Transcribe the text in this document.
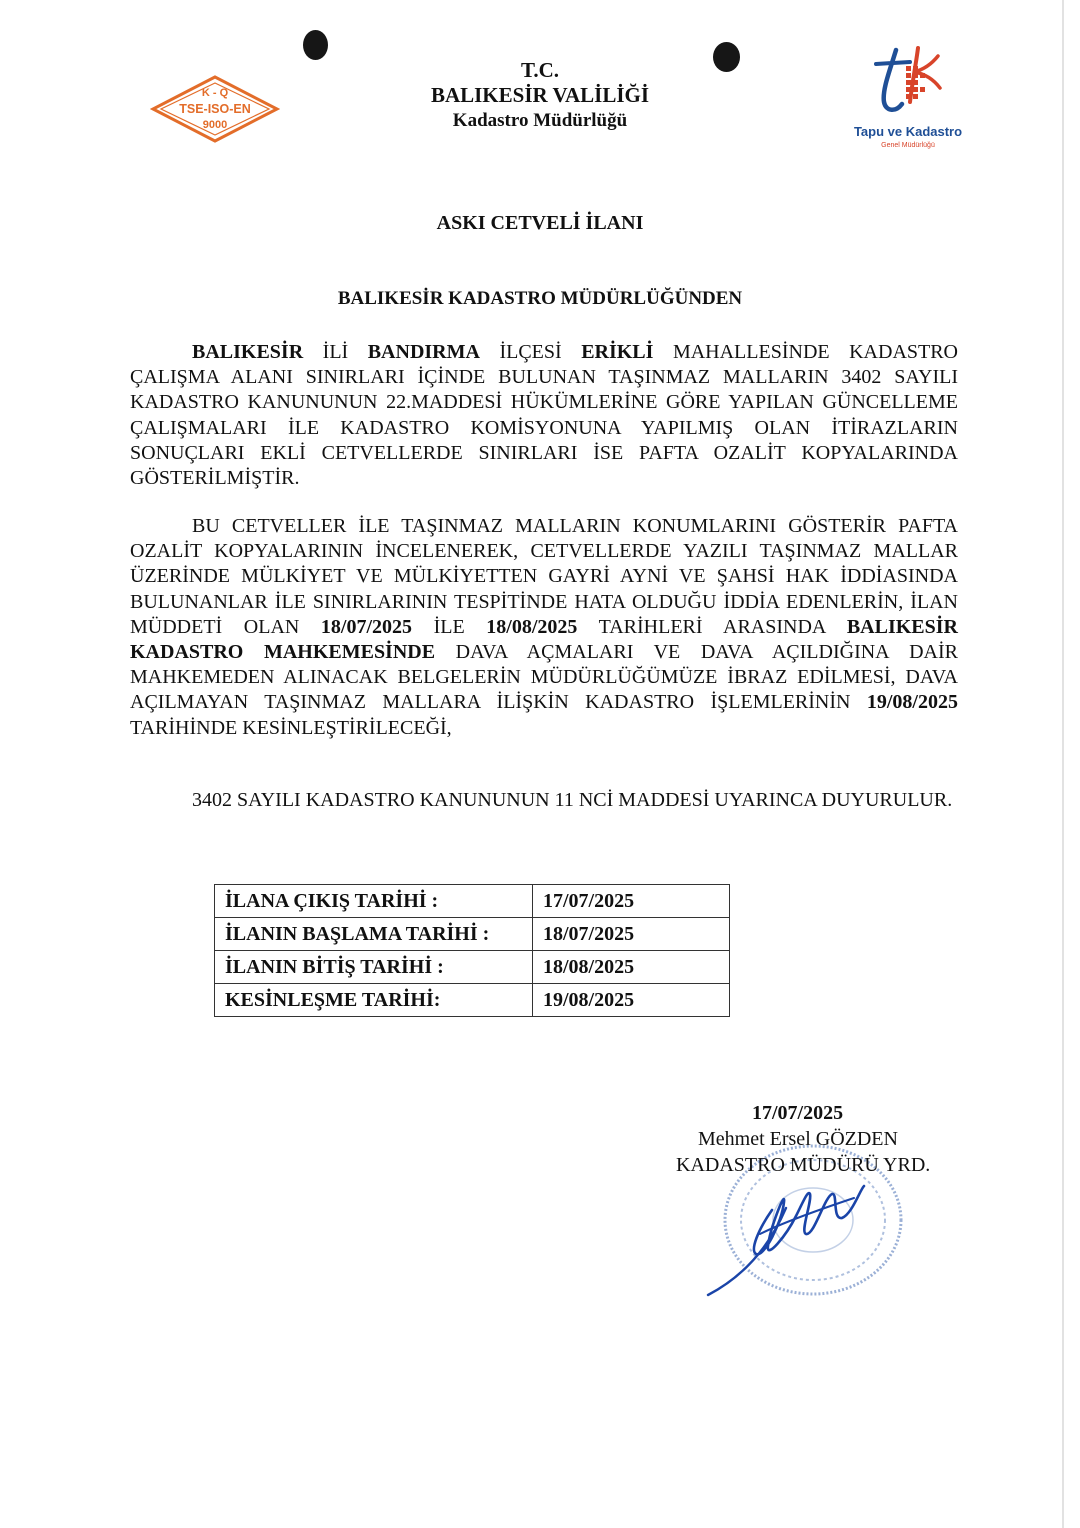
K - Q
TSE-ISO-EN
9000
T.C.
BALIKESİR VALİLİĞİ
Kadastro Müdürlüğü
Tapu ve Kadastro
Genel Müdürlüğü
ASKI CETVELİ İLANI
BALIKESİR KADASTRO MÜDÜRLÜĞÜNDEN
BALIKESİR İLİ BANDIRMA İLÇESİ ERİKLİ MAHALLESİNDE KADASTRO ÇALIŞMA ALANI SINIRLARI İÇİNDE BULUNAN TAŞINMAZ MALLARIN 3402 SAYILI KADASTRO KANUNUNUN 22.MADDESİ HÜKÜMLERİNE GÖRE YAPILAN GÜNCELLEME ÇALIŞMALARI İLE KADASTRO KOMİSYONUNA YAPILMIŞ OLAN İTİRAZLARIN SONUÇLARI EKLİ CETVELLERDE SINIRLARI İSE PAFTA OZALİT KOPYALARINDA GÖSTERİLMİŞTİR.
BU CETVELLER İLE TAŞINMAZ MALLARIN KONUMLARINI GÖSTERİR PAFTA OZALİT KOPYALARININ İNCELENEREK, CETVELLERDE YAZILI TAŞINMAZ MALLAR ÜZERİNDE MÜLKİYET VE MÜLKİYETTEN GAYRİ AYNİ VE ŞAHSİ HAK İDDİASINDA BULUNANLAR İLE SINIRLARININ TESPİTİNDE HATA OLDUĞU İDDİA EDENLERİN, İLAN MÜDDETİ OLAN 18/07/2025 İLE 18/08/2025 TARİHLERİ ARASINDA BALIKESİR KADASTRO MAHKEMESİNDE DAVA AÇMALARI VE DAVA AÇILDIĞINA DAİR MAHKEMEDEN ALINACAK BELGELERİN MÜDÜRLÜĞÜMÜZE İBRAZ EDİLMESİ, DAVA AÇILMAYAN TAŞINMAZ MALLARA İLİŞKİN KADASTRO İŞLEMLERİNİN 19/08/2025 TARİHİNDE KESİNLEŞTİRİLECEĞİ,
3402 SAYILI KADASTRO KANUNUNUN 11 NCİ MADDESİ UYARINCA DUYURULUR.
İLANA ÇIKIŞ TARİHİ :	17/07/2025
İLANIN BAŞLAMA TARİHİ :	18/07/2025
İLANIN BİTİŞ TARİHİ :	18/08/2025
KESİNLEŞME TARİHİ:	19/08/2025
17/07/2025
Mehmet Ersel GÖZDEN
KADASTRO MÜDÜRÜ YRD.
